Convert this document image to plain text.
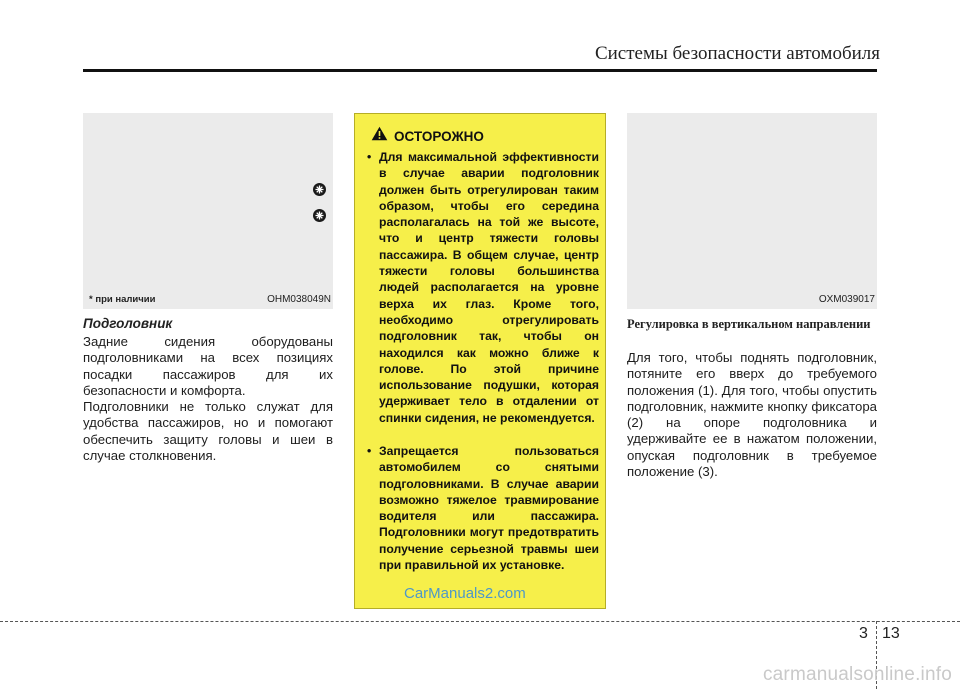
Системы безопасности автомобиля
* при наличии	OHM038049N
Подголовник
Задние сидения оборудованы подголовниками на всех позициях посадки пассажиров для их безопасности и комфорта.
Подголовники не только служат для удобства пассажиров, но и помогают обеспечить защиту головы и шеи в случае столкновения.
ОСТОРОЖНО
• Для максимальной эффективности в случае аварии подголовник должен быть отрегулирован таким образом, чтобы его середина располагалась на той же высоте, что и центр тяжести головы пассажира. В общем случае, центр тяжести головы большинства людей располагается на уровне верха их глаз. Кроме того, необходимо отрегулировать подголовник так, чтобы он находился как можно ближе к голове. По этой причине использование подушки, которая удерживает тело в отдалении от спинки сидения, не рекомендуется.
• Запрещается пользоваться автомобилем со снятыми подголовниками. В случае аварии возможно тяжелое травмирование водителя или пассажира. Подголовники могут предотвратить получение серьезной травмы шеи при правильной их установке.
OXM039017
Регулировка в вертикальном направлении
Для того, чтобы поднять подголовник, потяните его вверх до требуемого положения (1). Для того, чтобы опустить подголовник, нажмите кнопку фиксатора (2) на опоре подголовника и удерживайте ее в нажатом положении, опуская подголовник в требуемое положение (3).
CarManuals2.com
3 13
carmanualsonline.info
